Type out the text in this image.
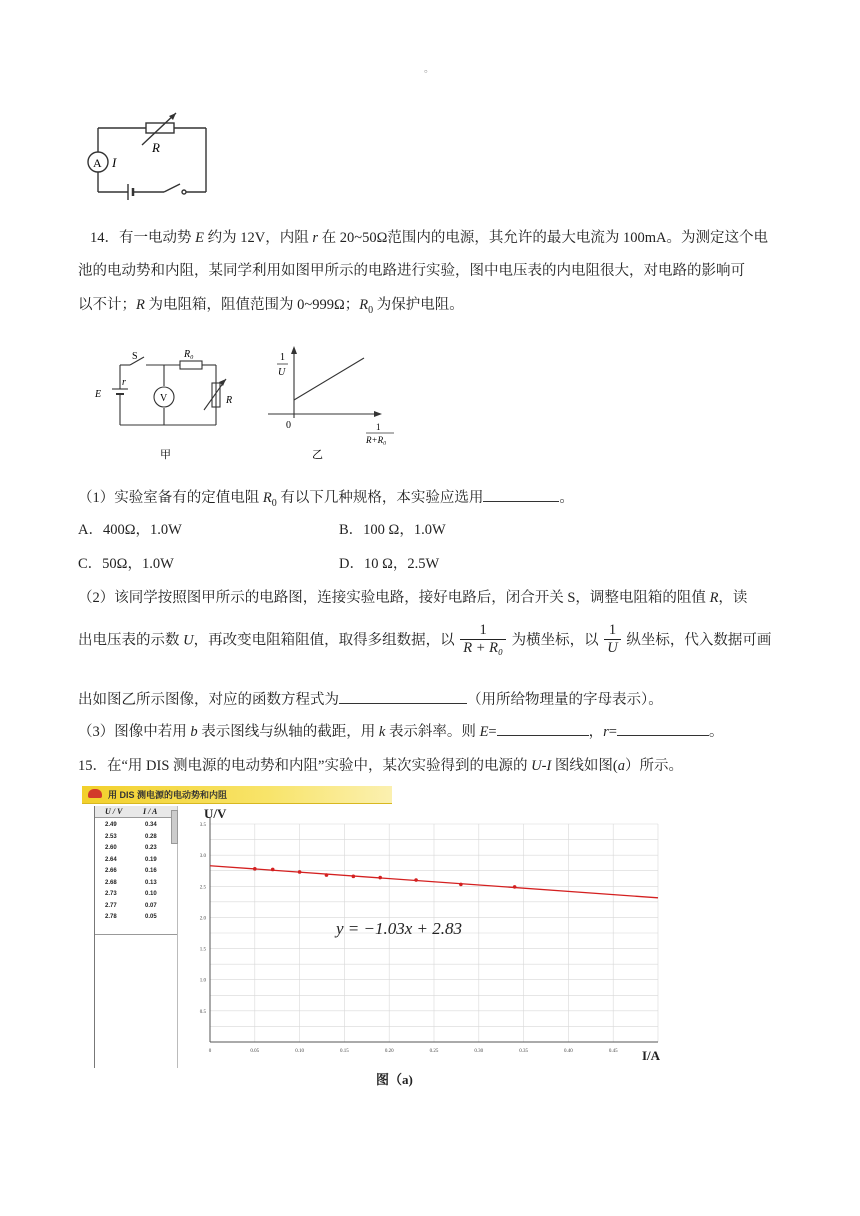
。
R
A I
14．有一电动势 E 约为 12V，内阻 r 在 20~50Ω范围内的电源，其允许的最大电流为 100mA。为测定这个电
池的电动势和内阻，某同学利用如图甲所示的电路进行实验，图中电压表的内电阻很大，对电路的影响可
以不计；R 为电阻箱，阻值范围为 0~999Ω；$R_0$ 为保护电阻。
S	R₀
E
r
V	R
甲
1
U
0	1
R+R₀
乙
（1）实验室备有的定值电阻 $R_0$ 有以下几种规格，本实验应选用	。
A．400Ω，1.0W	B．100 Ω，1.0W
C．50Ω，1.0W	D．10 Ω，2.5W
（2）该同学按照图甲所示的电路图，连接实验电路，接好电路后，闭合开关 S，调整电阻箱的阻值 R，读
出电压表的示数 U，再改变电阻箱阻值，取得多组数据，以 $\frac{1}{\text{R + R₀}}$ 为横坐标，以 $\frac{1}{U}$ 纵坐标，代入数据可画
出如图乙所示图像，对应的函数方程式为	（用所给物理量的字母表示）。
（3）图像中若用 b 表示图线与纵轴的截距，用 k 表示斜率。则 E=	，r=	。
15．在“用 DIS 测电源的电动势和内阻”实验中，某次实验得到的电源的 U-I 图线如图(a）所示。
用 DIS 测电源的电动势和内阻
U / V	I / A
2.49	0.34
2.53	0.28
2.60	0.23
2.64	0.19
2.66	0.16
2.68	0.13
2.73	0.10
2.77	0.07
2.78	0.05
0	0.05	0.10	0.15	0.20	0.25	0.30	0.35	0.40	0.45
0.5
1.0
1.5
2.0
2.5
3.0
3.5
U/V
I/A
y = −1.03x + 2.83
图（a)
